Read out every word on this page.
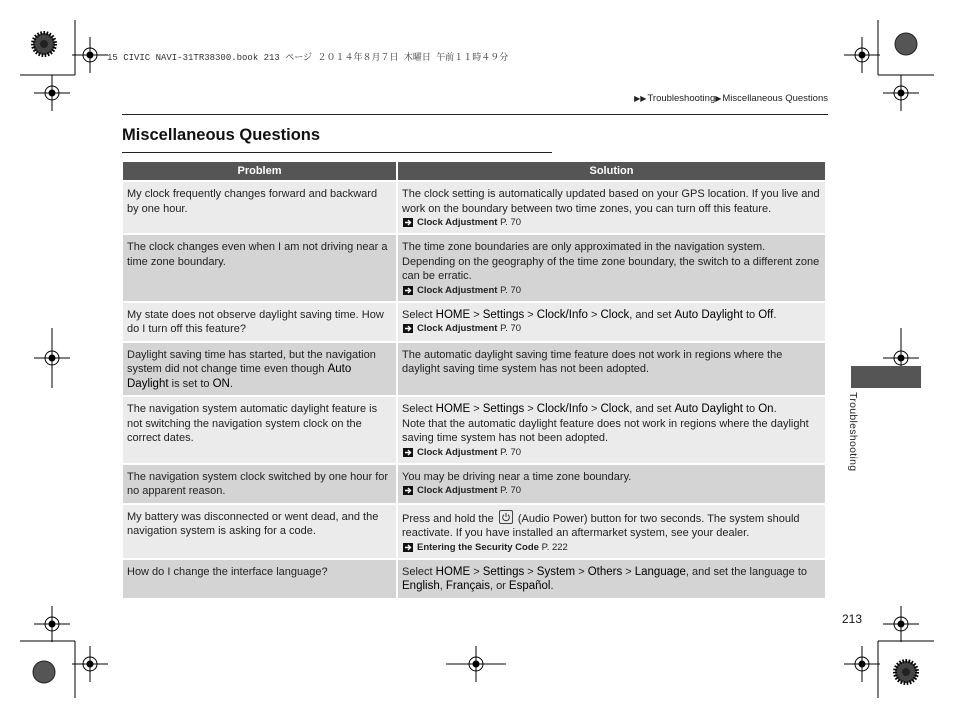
15 CIVIC NAVI-31TR38300.book 213 ページ ２０１４年８月７日 木曜日 午前１１時４９分
▶▶Troubleshooting▶Miscellaneous Questions
Miscellaneous Questions
Problem	Solution
My clock frequently changes forward and backward by one hour.	The clock setting is automatically updated based on your GPS location. If you live and work on the boundary between two time zones, you can turn off this feature.
Clock Adjustment P. 70

The clock changes even when I am not driving near a time zone boundary.	The time zone boundaries are only approximated in the navigation system. Depending on the geography of the time zone boundary, the switch to a different zone can be erratic.
Clock Adjustment P. 70

My state does not observe daylight saving time. How do I turn off this feature?	Select HOME > Settings > Clock/Info > Clock, and set Auto Daylight to Off.
Clock Adjustment P. 70

Daylight saving time has started, but the navigation system did not change time even though Auto Daylight is set to ON.	The automatic daylight saving time feature does not work in regions where the daylight saving time system has not been adopted.
The navigation system automatic daylight feature is not switching the navigation system clock on the correct dates.	Select HOME > Settings > Clock/Info > Clock, and set Auto Daylight to On.
Note that the automatic daylight feature does not work in regions where the daylight saving time system has not been adopted.
Clock Adjustment P. 70

The navigation system clock switched by one hour for no apparent reason.	You may be driving near a time zone boundary.
Clock Adjustment P. 70

My battery was disconnected or went dead, and the navigation system is asking for a code.	Press and hold the (Audio Power) button for two seconds. The system should reactivate. If you have installed an aftermarket system, see your dealer.
Entering the Security Code P. 222

How do I change the interface language?	Select HOME > Settings > System > Others > Language, and set the language to English, Français, or Español.
Troubleshooting
213
